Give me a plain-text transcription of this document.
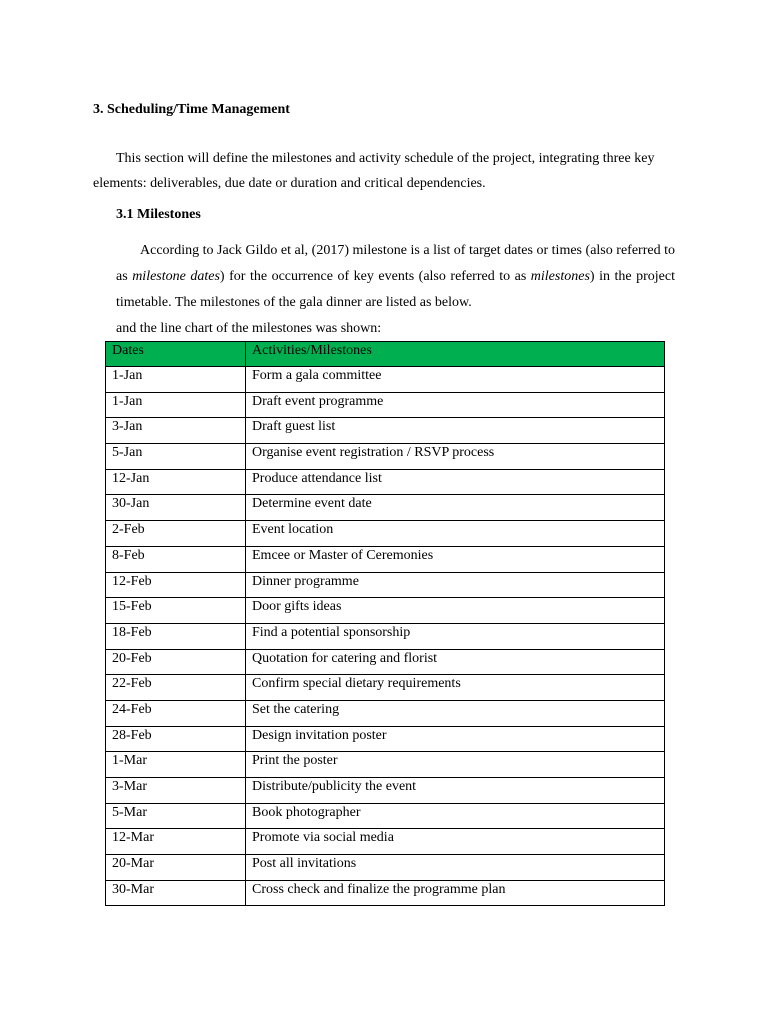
3. Scheduling/Time Management

This section will define the milestones and activity schedule of the project, integrating three key elements: deliverables, due date or duration and critical dependencies.

3.1 Milestones

According to Jack Gildo et al, (2017) milestone is a list of target dates or times (also referred to as milestone dates) for the occurrence of key events (also referred to as milestones) in the project timetable. The milestones of the gala dinner are listed as below.
and the line chart of the milestones was shown:

Dates	Activities/Milestones
1-Jan	Form a gala committee
1-Jan	Draft event programme
3-Jan	Draft guest list
5-Jan	Organise event registration / RSVP process
12-Jan	Produce attendance list
30-Jan	Determine event date
2-Feb	Event location
8-Feb	Emcee or Master of Ceremonies
12-Feb	Dinner programme
15-Feb	Door gifts ideas
18-Feb	Find a potential sponsorship
20-Feb	Quotation for catering and florist
22-Feb	Confirm special dietary requirements
24-Feb	Set the catering
28-Feb	Design invitation poster
1-Mar	Print the poster
3-Mar	Distribute/publicity the event
5-Mar	Book photographer
12-Mar	Promote via social media
20-Mar	Post all invitations
30-Mar	Cross check and finalize the programme plan
